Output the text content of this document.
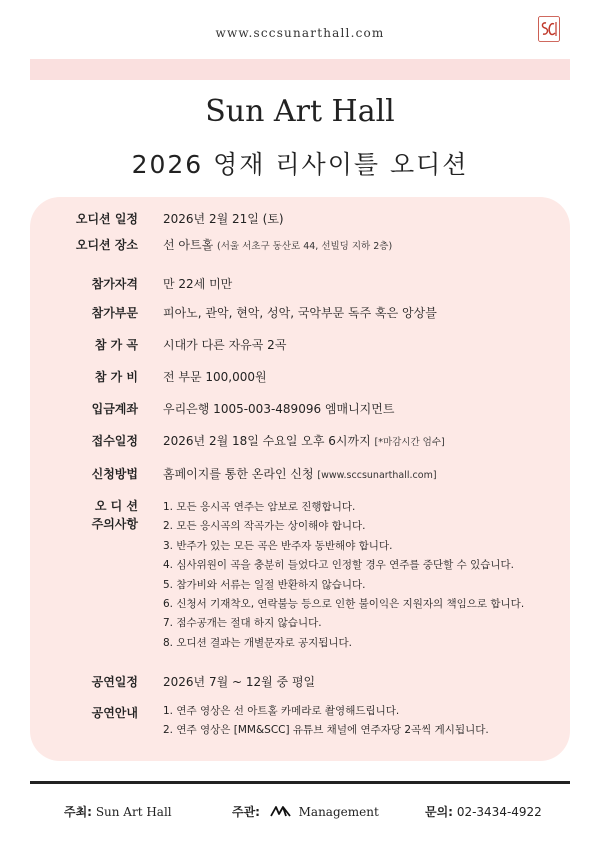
www.sccsunarthall.com
Sun Art Hall
2026 영재 리사이틀 오디션
오디션 일정 2026년 2월 21일 (토)
오디션 장소 선 아트홀 (서울 서초구 동산로 44, 선빌딩 지하 2층)
참가자격 만 22세 미만
참가부문 피아노, 관악, 현악, 성악, 국악부문 독주 혹은 앙상블
참 가 곡 시대가 다른 자유곡 2곡
참 가 비 전 부문 100,000원
입금계좌 우리은행 1005-003-489096 엠매니지먼트
접수일정 2026년 2월 18일 수요일 오후 6시까지 [*마감시간 엄수]
신청방법 홈페이지를 통한 온라인 신청 [www.sccsunarthall.com]
오 디 션
주의사항
1. 모든 응시곡 연주는 암보로 진행합니다.
2. 모든 응시곡의 작곡가는 상이해야 합니다.
3. 반주가 있는 모든 곡은 반주자 동반해야 합니다.
4. 심사위원이 곡을 충분히 들었다고 인정할 경우 연주를 중단할 수 있습니다.
5. 참가비와 서류는 일절 반환하지 않습니다.
6. 신청서 기재착오, 연락불능 등으로 인한 불이익은 지원자의 책임으로 합니다.
7. 점수공개는 절대 하지 않습니다.
8. 오디션 결과는 개별문자로 공지됩니다.
공연일정 2026년 7월 ~ 12월 중 평일
공연안내 1. 연주 영상은 선 아트홀 카메라로 촬영해드립니다.
2. 연주 영상은 [MM&SCC] 유튜브 채널에 연주자당 2곡씩 게시됩니다.
주최: Sun Art Hall	주관:	Management	문의: 02-3434-4922
